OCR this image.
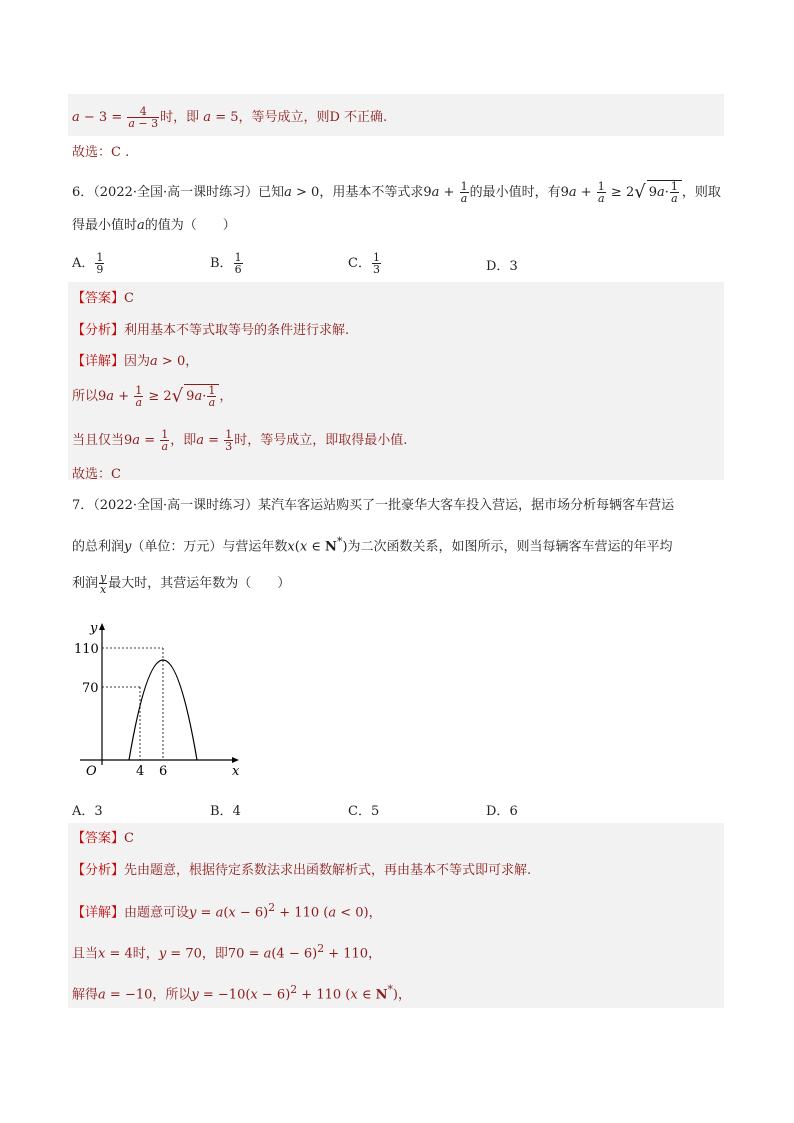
$a - 3 = \frac{4}{a - 3}$ 时，即 a = 5，等号成立，则D 不正确.
故选：C .
6．（2022·全国·高一课时练习）已知a > 0，用基本不等式求$9a + \frac{1}{a}$ 的最小值时，有$9a + \frac{1}{a} \ge 2√$ $9a\cdot \frac{1}{a}$ ，则取
得最小值时a的值为（　　）
A． $\frac{1}{9}$	B． $\frac{1}{6}$	C． $\frac{1}{3}$	D．3
【答案】C
【分析】利用基本不等式取等号的条件进行求解.
【详解】因为a > 0，
所以$9a + \frac{1}{a} \ge 2√$ $9a\cdot \frac{1}{a}$ ，
当且仅当$9a = \frac{1}{a}$ ，即$a = \frac{1}{3}$ 时，等号成立，即取得最小值.
故选：C
7．（2022·全国·高一课时练习）某汽车客运站购买了一批豪华大客车投入营运，据市场分析每辆客车营运
的总利润y（单位：万元）与营运年数x(x ∈ N*)为二次函数关系，如图所示，则当每辆客车营运的年平均
利润 $\frac{y}{x}$ 最大时，其营运年数为（　　）
y
x
O
110
70
4 6
A．3	B．4	C．5	D．6
【答案】C
【分析】先由题意，根据待定系数法求出函数解析式，再由基本不等式即可求解.
【详解】由题意可设$y = a(x - 6)^2 + 110$ (a < 0)，
且当x = 4时，y = 70，即$70 = a(4 - 6)^2 + 110$，
解得a = −10，所以$y = -10(x - 6)^2 + 110$ (x ∈ N*)，
